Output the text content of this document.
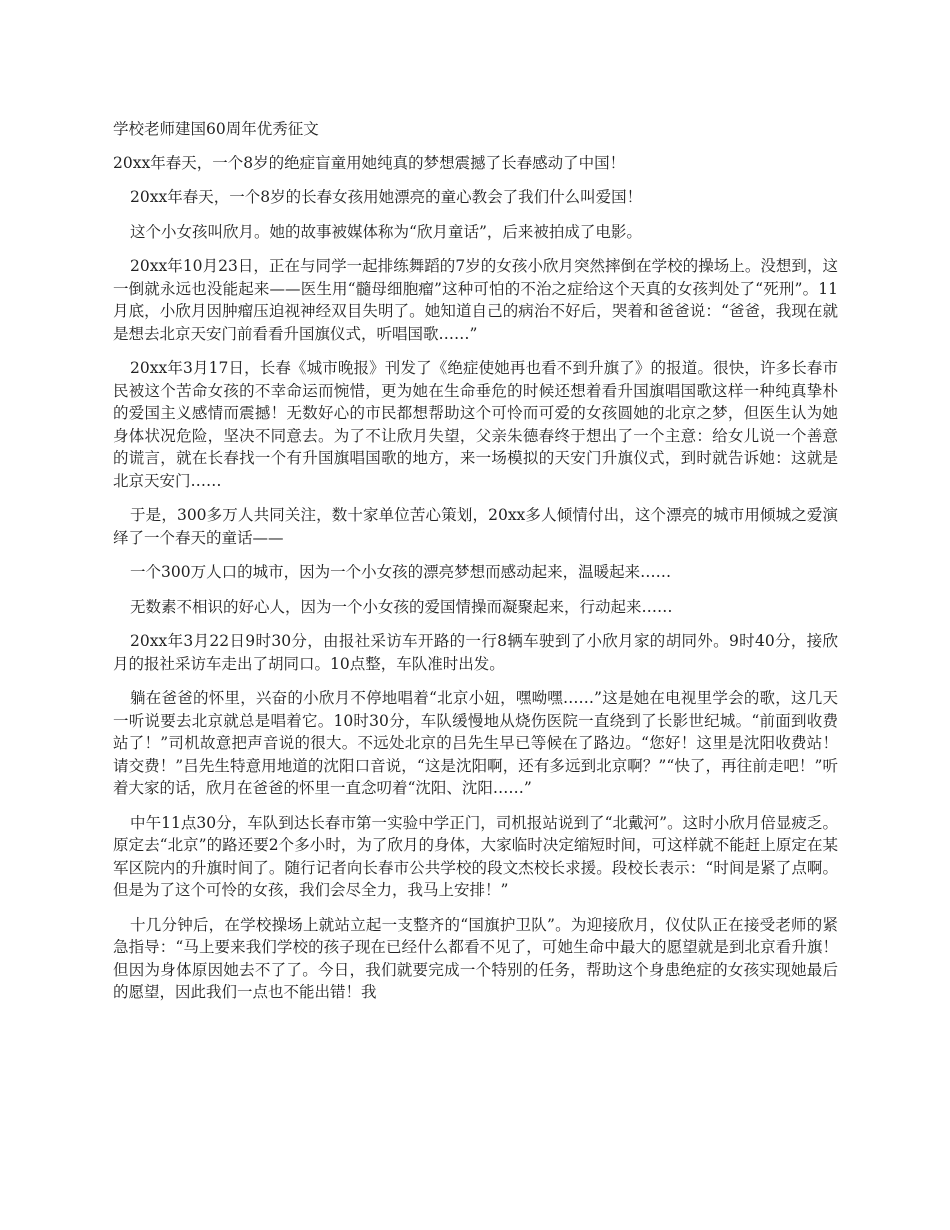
学校老师建国60周年优秀征文

20xx年春天，一个8岁的绝症盲童用她纯真的梦想震撼了长春感动了中国！

20xx年春天，一个8岁的长春女孩用她漂亮的童心教会了我们什么叫爱国！

这个小女孩叫欣月。她的故事被媒体称为“欣月童话”，后来被拍成了电影。

20xx年10月23日，正在与同学一起排练舞蹈的7岁的女孩小欣月突然摔倒在学校的操场上。没想到，这一倒就永远也没能起来——医生用“髓母细胞瘤”这种可怕的不治之症给这个天真的女孩判处了“死刑”。11月底，小欣月因肿瘤压迫视神经双目失明了。她知道自己的病治不好后，哭着和爸爸说：“爸爸，我现在就是想去北京天安门前看看升国旗仪式，听唱国歌……”

20xx年3月17日，长春《城市晚报》刊发了《绝症使她再也看不到升旗了》的报道。很快，许多长春市民被这个苦命女孩的不幸命运而惋惜，更为她在生命垂危的时候还想着看升国旗唱国歌这样一种纯真挚朴的爱国主义感情而震撼！无数好心的市民都想帮助这个可怜而可爱的女孩圆她的北京之梦，但医生认为她身体状况危险，坚决不同意去。为了不让欣月失望，父亲朱德春终于想出了一个主意：给女儿说一个善意的谎言，就在长春找一个有升国旗唱国歌的地方，来一场模拟的天安门升旗仪式，到时就告诉她：这就是北京天安门……

于是，300多万人共同关注，数十家单位苦心策划，20xx多人倾情付出，这个漂亮的城市用倾城之爱演绎了一个春天的童话——

一个300万人口的城市，因为一个小女孩的漂亮梦想而感动起来，温暖起来……

无数素不相识的好心人，因为一个小女孩的爱国情操而凝聚起来，行动起来……

20xx年3月22日9时30分，由报社采访车开路的一行8辆车驶到了小欣月家的胡同外。9时40分，接欣月的报社采访车走出了胡同口。10点整，车队准时出发。

躺在爸爸的怀里，兴奋的小欣月不停地唱着“北京小妞，嘿呦嘿……”这是她在电视里学会的歌，这几天一听说要去北京就总是唱着它。10时30分，车队缓慢地从烧伤医院一直绕到了长影世纪城。“前面到收费站了！”司机故意把声音说的很大。不远处北京的吕先生早已等候在了路边。“您好！这里是沈阳收费站！请交费！”吕先生特意用地道的沈阳口音说，“这是沈阳啊，还有多远到北京啊？”“快了，再往前走吧！”听着大家的话，欣月在爸爸的怀里一直念叨着“沈阳、沈阳……”

中午11点30分，车队到达长春市第一实验中学正门，司机报站说到了“北戴河”。这时小欣月倍显疲乏。原定去“北京”的路还要2个多小时，为了欣月的身体，大家临时决定缩短时间，可这样就不能赶上原定在某军区院内的升旗时间了。随行记者向长春市公共学校的段文杰校长求援。段校长表示：“时间是紧了点啊。但是为了这个可怜的女孩，我们会尽全力，我马上安排！”

十几分钟后，在学校操场上就站立起一支整齐的“国旗护卫队”。为迎接欣月，仪仗队正在接受老师的紧急指导：“马上要来我们学校的孩子现在已经什么都看不见了，可她生命中最大的愿望就是到北京看升旗！但因为身体原因她去不了了。今日，我们就要完成一个特别的任务，帮助这个身患绝症的女孩实现她最后的愿望，因此我们一点也不能出错！我
